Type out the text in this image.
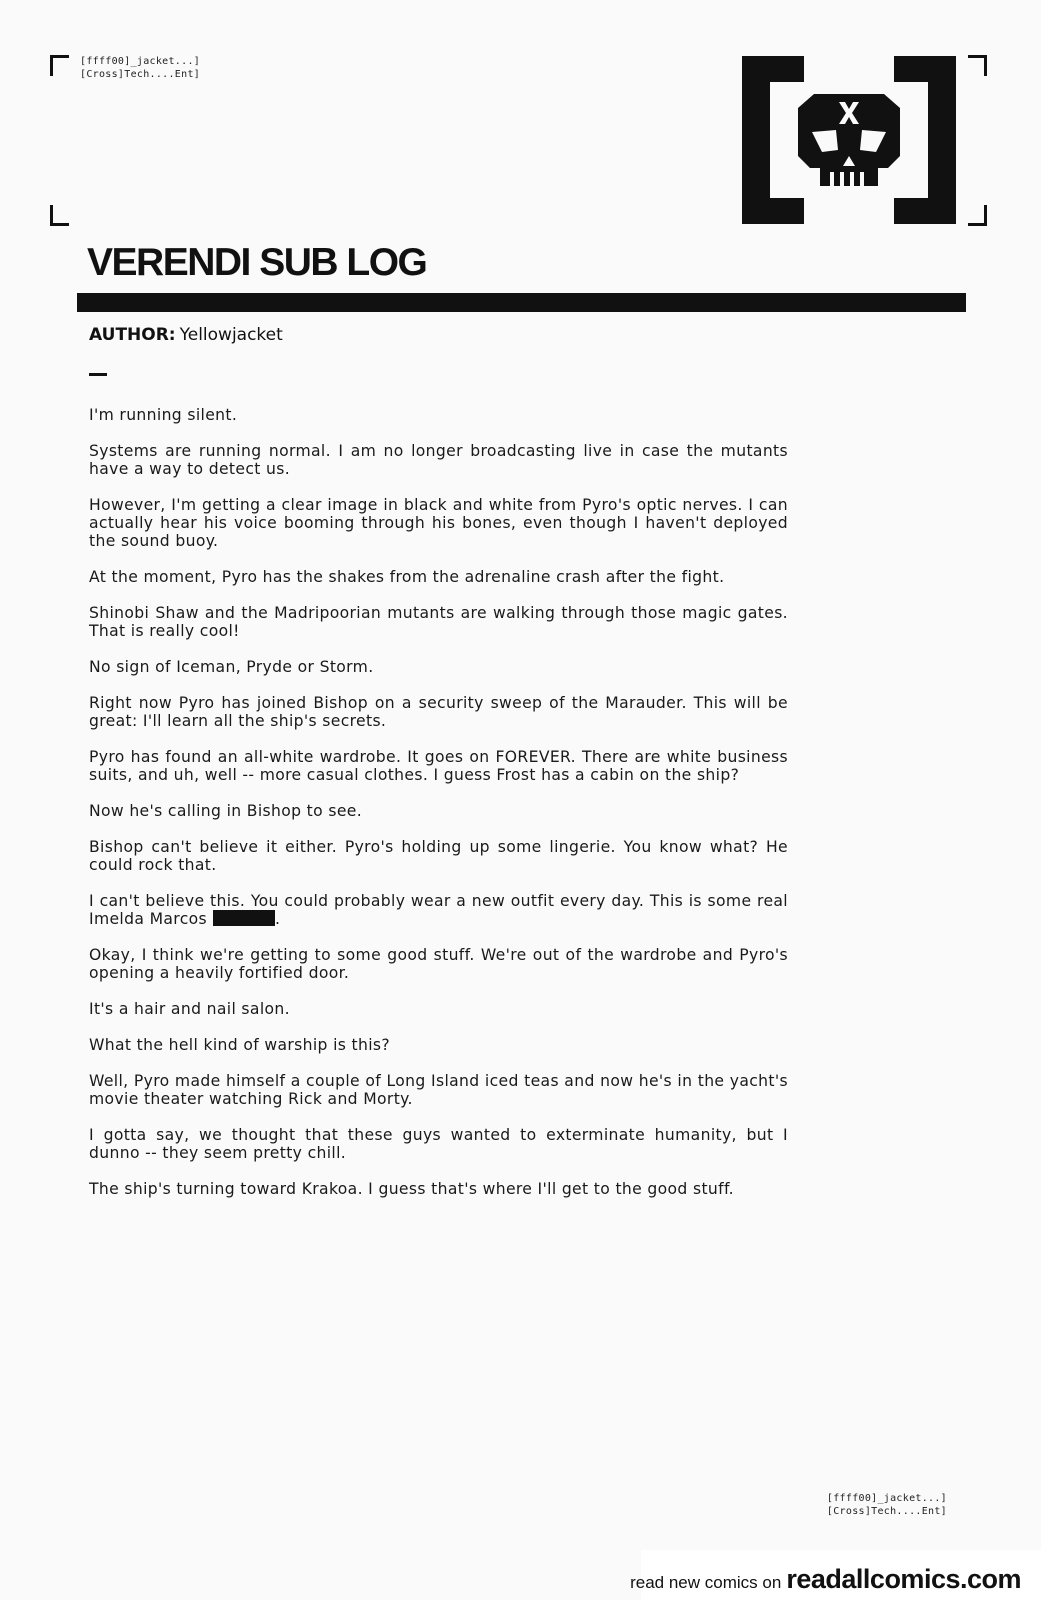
[ffff00]_jacket...]
[Cross]Tech....Ent]
VERENDI SUB LOG
AUTHOR: Yellowjacket

I'm running silent.

Systems are running normal. I am no longer broadcasting live in case the mutants have a way to detect us.

However, I'm getting a clear image in black and white from Pyro's optic nerves. I can actually hear his voice booming through his bones, even though I haven't deployed the sound buoy.

At the moment, Pyro has the shakes from the adrenaline crash after the fight.

Shinobi Shaw and the Madripoorian mutants are walking through those magic gates. That is really cool!

No sign of Iceman, Pryde or Storm.

Right now Pyro has joined Bishop on a security sweep of the Marauder. This will be great: I'll learn all the ship's secrets.

Pyro has found an all-white wardrobe. It goes on FOREVER. There are white business suits, and uh, well -- more casual clothes. I guess Frost has a cabin on the ship?

Now he's calling in Bishop to see.

Bishop can't believe it either. Pyro's holding up some lingerie. You know what? He could rock that.

I can't believe this. You could probably wear a new outfit every day. This is some real Imelda Marcos	.

Okay, I think we're getting to some good stuff. We're out of the wardrobe and Pyro's opening a heavily fortified door.

It's a hair and nail salon.

What the hell kind of warship is this?

Well, Pyro made himself a couple of Long Island iced teas and now he's in the yacht's movie theater watching Rick and Morty.

I gotta say, we thought that these guys wanted to exterminate humanity, but I dunno -- they seem pretty chill.

The ship's turning toward Krakoa. I guess that's where I'll get to the good stuff.

[ffff00]_jacket...]
[Cross]Tech....Ent]
read new comics on readallcomics.com
